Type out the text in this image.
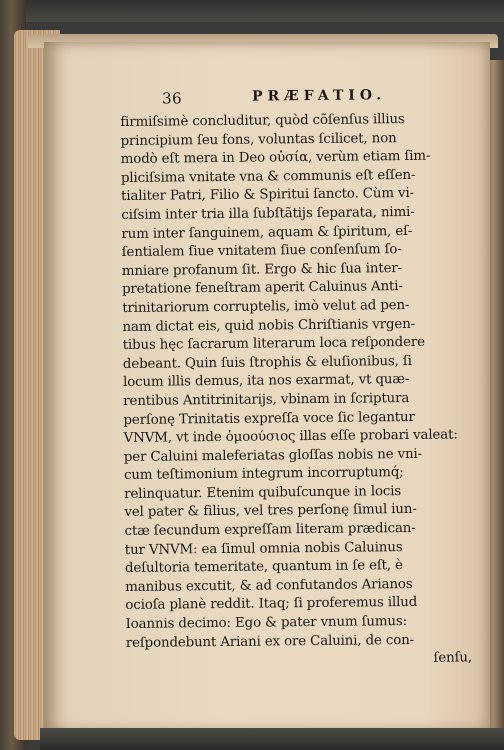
36	PRÆFATIO.
firmiſsimè concluditur, quòd cõſenſus illius
principium ſeu fons, voluntas ſcilicet, non
modò eſt mera in Deo οὐσία, verùm etiam ſim-
pliciſsima vnitate vna & communis eſt eſſen-
tialiter Patri, Filio & Spiritui ſancto. Cùm vi-
ciſsim inter tria illa ſubſtãtijs ſeparata, nimi-
rum inter ſanguinem, aquam & ſpiritum, eſ-
ſentialem ſiue vnitatem ſiue conſenſum ſo-
mniare profanum ſit. Ergo & hic ſua inter-
pretatione feneſtram aperit Caluinus Anti-
trinitariorum corruptelis, imò velut ad pen-
nam dictat eis, quid nobis Chriſtianis vrgen-
tibus hęc ſacrarum literarum loca reſpondere
debeant. Quin ſuis ſtrophis & eluſionibus, ſi
locum illis demus, ita nos exarmat, vt quæ-
rentibus Antitrinitarijs, vbinam in ſcriptura
perſonę Trinitatis expreſſa voce ſic legantur
VNVM, vt inde ὁμοούσιος illas eſſe probari valeat:
per Caluini maleferiatas gloſſas nobis ne vni-
cum teſtimonium integrum incorruptumq́;
relinquatur. Etenim quibuſcunque in locis
vel pater & filius, vel tres perſonę ſimul iun-
ctæ ſecundum expreſſam literam prædican-
tur VNVM: ea ſimul omnia nobis Caluinus
deſultoria temeritate, quantum in ſe eſt, è
manibus excutit, & ad confutandos Arianos
ocioſa planè reddit. Itaq; ſi proferemus illud
Ioannis decimo: Ego & pater vnum ſumus:
reſpondebunt Ariani ex ore Caluini, de con-
ſenſu,
